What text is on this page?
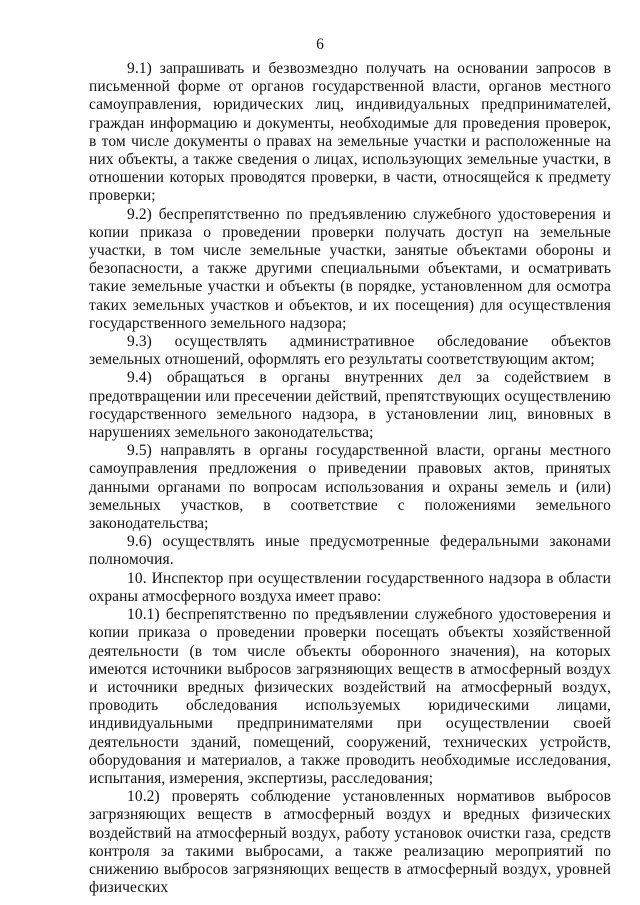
6

9.1) запрашивать и безвозмездно получать на основании запросов в письменной форме от органов государственной власти, органов местного самоуправления, юридических лиц, индивидуальных предпринимателей, граждан информацию и документы, необходимые для проведения проверок, в том числе документы о правах на земельные участки и расположенные на них объекты, а также сведения о лицах, использующих земельные участки, в отношении которых проводятся проверки, в части, относящейся к предмету проверки;

9.2) беспрепятственно по предъявлению служебного удостоверения и копии приказа о проведении проверки получать доступ на земельные участки, в том числе земельные участки, занятые объектами обороны и безопасности, а также другими специальными объектами, и осматривать такие земельные участки и объекты (в порядке, установленном для осмотра таких земельных участков и объектов, и их посещения) для осуществления государственного земельного надзора;

9.3) осуществлять административное обследование объектов земельных отношений, оформлять его результаты соответствующим актом;

9.4) обращаться в органы внутренних дел за содействием в предотвращении или пресечении действий, препятствующих осуществлению государственного земельного надзора, в установлении лиц, виновных в нарушениях земельного законодательства;

9.5) направлять в органы государственной власти, органы местного самоуправления предложения о приведении правовых актов, принятых данными органами по вопросам использования и охраны земель и (или) земельных участков, в соответствие с положениями земельного законодательства;

9.6) осуществлять иные предусмотренные федеральными законами полномочия.

10. Инспектор при осуществлении государственного надзора в области охраны атмосферного воздуха имеет право:

10.1) беспрепятственно по предъявлении служебного удостоверения и копии приказа о проведении проверки посещать объекты хозяйственной деятельности (в том числе объекты оборонного значения), на которых имеются источники выбросов загрязняющих веществ в атмосферный воздух и источники вредных физических воздействий на атмосферный воздух, проводить обследования используемых юридическими лицами, индивидуальными предпринимателями при осуществлении своей деятельности зданий, помещений, сооружений, технических устройств, оборудования и материалов, а также проводить необходимые исследования, испытания, измерения, экспертизы, расследования;

10.2) проверять соблюдение установленных нормативов выбросов загрязняющих веществ в атмосферный воздух и вредных физических воздействий на атмосферный воздух, работу установок очистки газа, средств контроля за такими выбросами, а также реализацию мероприятий по снижению выбросов загрязняющих веществ в атмосферный воздух, уровней физических
